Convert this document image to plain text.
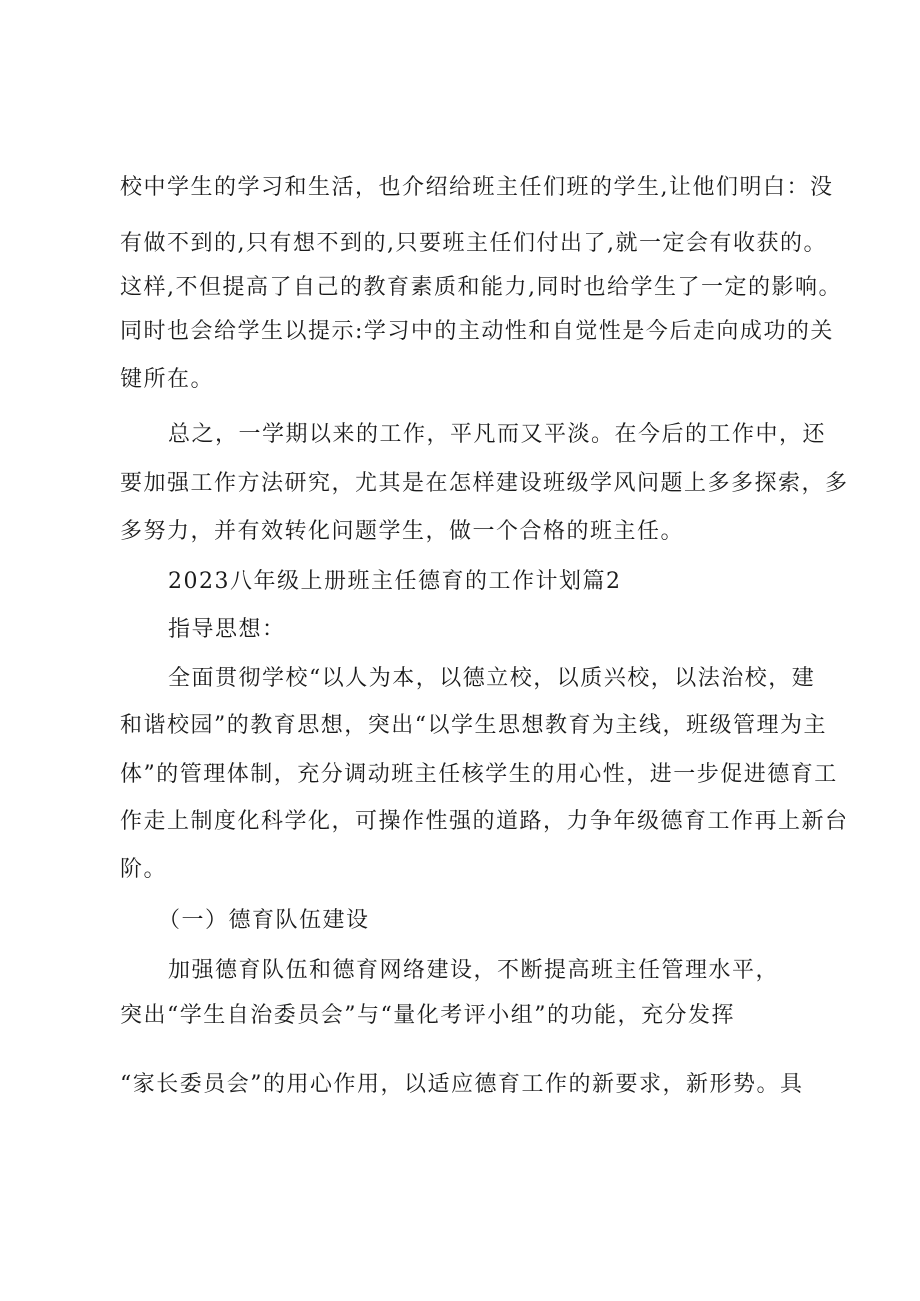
校中学生的学习和生活，也介绍给班主任们班的学生,让他们明白：没
有做不到的,只有想不到的,只要班主任们付出了,就一定会有收获的。
这样,不但提高了自己的教育素质和能力,同时也给学生了一定的影响。
同时也会给学生以提示:学习中的主动性和自觉性是今后走向成功的关
键所在。
总之，一学期以来的工作，平凡而又平淡。在今后的工作中，还
要加强工作方法研究，尤其是在怎样建设班级学风问题上多多探索，多
多努力，并有效转化问题学生，做一个合格的班主任。
2023八年级上册班主任德育的工作计划篇2
指导思想：
全面贯彻学校“以人为本，以德立校，以质兴校，以法治校，建
和谐校园”的教育思想，突出“以学生思想教育为主线，班级管理为主
体”的管理体制，充分调动班主任核学生的用心性，进一步促进德育工
作走上制度化科学化，可操作性强的道路，力争年级德育工作再上新台
阶。
（一）德育队伍建设
加强德育队伍和德育网络建设，不断提高班主任管理水平，
突出“学生自治委员会”与“量化考评小组”的功能，充分发挥
“家长委员会”的用心作用，以适应德育工作的新要求，新形势。具
